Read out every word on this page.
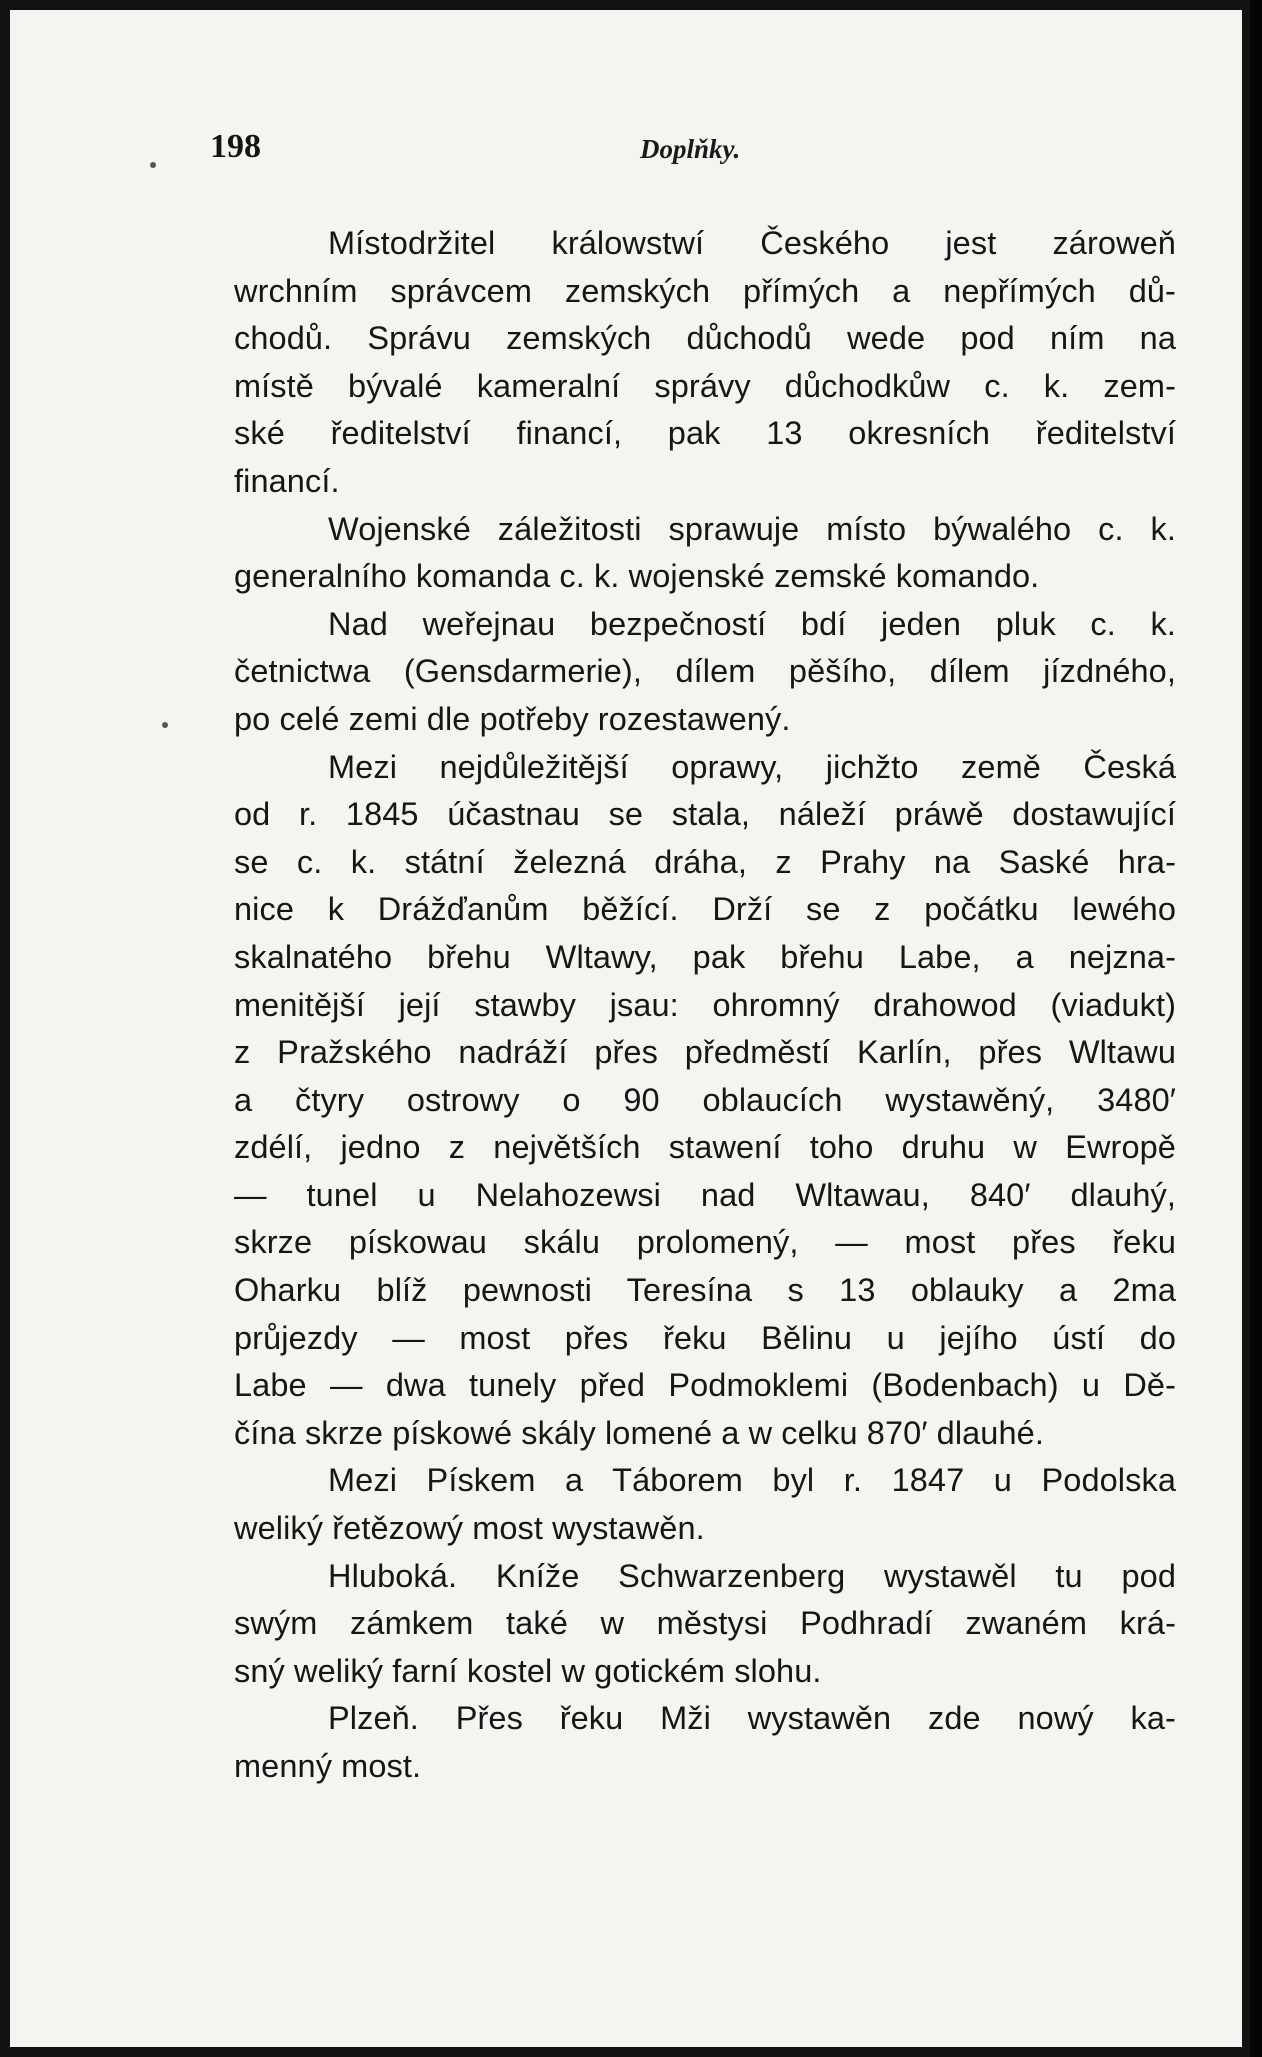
198	Doplňky.
Místodržitel králowstwí Českého jest zároweň
wrchním správcem zemských přímých a nepřímých dů-
chodů. Správu zemských důchodů wede pod ním na
místě bývalé kameralní správy důchodkůw c. k. zem-
ské ředitelství financí, pak 13 okresních ředitelství
financí.
Wojenské záležitosti sprawuje místo býwalého c. k.
generalního komanda c. k. wojenské zemské komando.
Nad weřejnau bezpečností bdí jeden pluk c. k.
četnictwa (Gensdarmerie), dílem pěšího, dílem jízdného,
po celé zemi dle potřeby rozestawený.
Mezi nejdůležitější oprawy, jichžto země Česká
od r. 1845 účastnau se stala, náleží práwě dostawující
se c. k. státní železná dráha, z Prahy na Saské hra-
nice k Drážďanům běžící. Drží se z počátku lewého
skalnatého břehu Wltawy, pak břehu Labe, a nejzna-
menitější její stawby jsau: ohromný drahowod (viadukt)
z Pražského nadráží přes předměstí Karlín, přes Wltawu
a čtyry ostrowy o 90 oblaucích wystawěný, 3480′
zdélí, jedno z největších stawení toho druhu w Ewropě
— tunel u Nelahozewsi nad Wltawau, 840′ dlauhý,
skrze pískowau skálu prolomený, — most přes řeku
Oharku blíž pewnosti Teresína s 13 oblauky a 2ma
průjezdy — most přes řeku Bělinu u jejího ústí do
Labe — dwa tunely před Podmoklemi (Bodenbach) u Dě-
čína skrze pískowé skály lomené a w celku 870′ dlauhé.
Mezi Pískem a Táborem byl r. 1847 u Podolska
weliký řetězowý most wystawěn.
Hluboká. Kníže Schwarzenberg wystawěl tu pod
swým zámkem také w městysi Podhradí zwaném krá-
sný weliký farní kostel w gotickém slohu.
Plzeň. Přes řeku Mži wystawěn zde nowý ka-
menný most.
